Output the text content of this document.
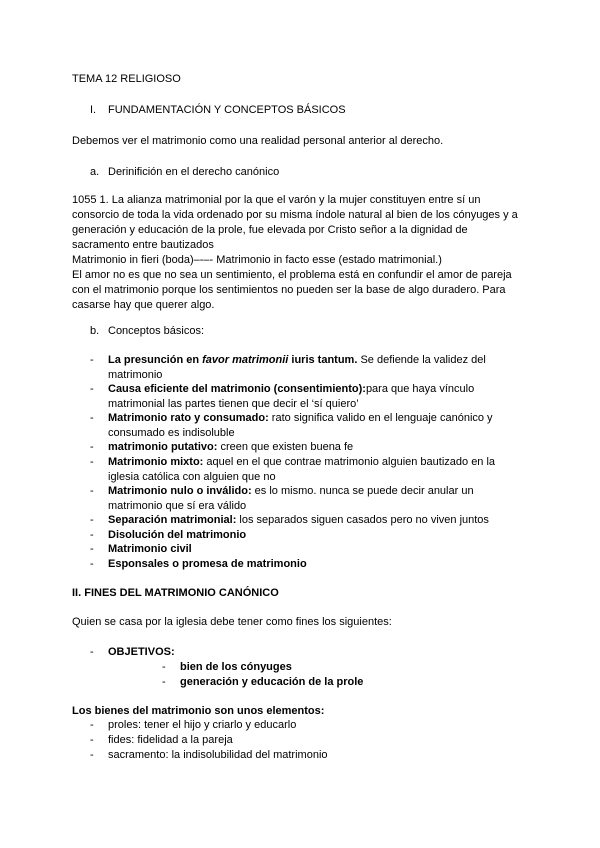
TEMA 12 RELIGIOSO
I. FUNDAMENTACIÓN Y CONCEPTOS BÁSICOS
Debemos ver el matrimonio como una realidad personal anterior al derecho.
a. Derinifición en el derecho canónico
1055 1. La alianza matrimonial por la que el varón y la mujer constituyen entre sí un
consorcio de toda la vida ordenado por su misma índole natural al bien de los cónyuges y a
generación y educación de la prole, fue elevada por Cristo señor a la dignidad de
sacramento entre bautizados
Matrimonio in fieri (boda)–-–- Matrimonio in facto esse (estado matrimonial.)
El amor no es que no sea un sentimiento, el problema está en confundir el amor de pareja
con el matrimonio porque los sentimientos no pueden ser la base de algo duradero. Para
casarse hay que querer algo.
b. Conceptos básicos:
- La presunción en favor matrimonii iuris tantum. Se defiende la validez del
matrimonio
- Causa eficiente del matrimonio (consentimiento):para que haya vínculo
matrimonial las partes tienen que decir el ‘sí quiero’
- Matrimonio rato y consumado: rato significa valido en el lenguaje canónico y
consumado es indisoluble
- matrimonio putativo: creen que existen buena fe
- Matrimonio mixto: aquel en el que contrae matrimonio alguien bautizado en la
iglesia católica con alguien que no
- Matrimonio nulo o inválido: es lo mismo. nunca se puede decir anular un
matrimonio que sí era válido
- Separación matrimonial: los separados siguen casados pero no viven juntos
- Disolución del matrimonio
- Matrimonio civil
- Esponsales o promesa de matrimonio
II. FINES DEL MATRIMONIO CANÓNICO
Quien se casa por la iglesia debe tener como fines los siguientes:
- OBJETIVOS:
- bien de los cónyuges
- generación y educación de la prole
Los bienes del matrimonio son unos elementos:
- proles: tener el hijo y criarlo y educarlo
- fides: fidelidad a la pareja
- sacramento: la indisolubilidad del matrimonio
